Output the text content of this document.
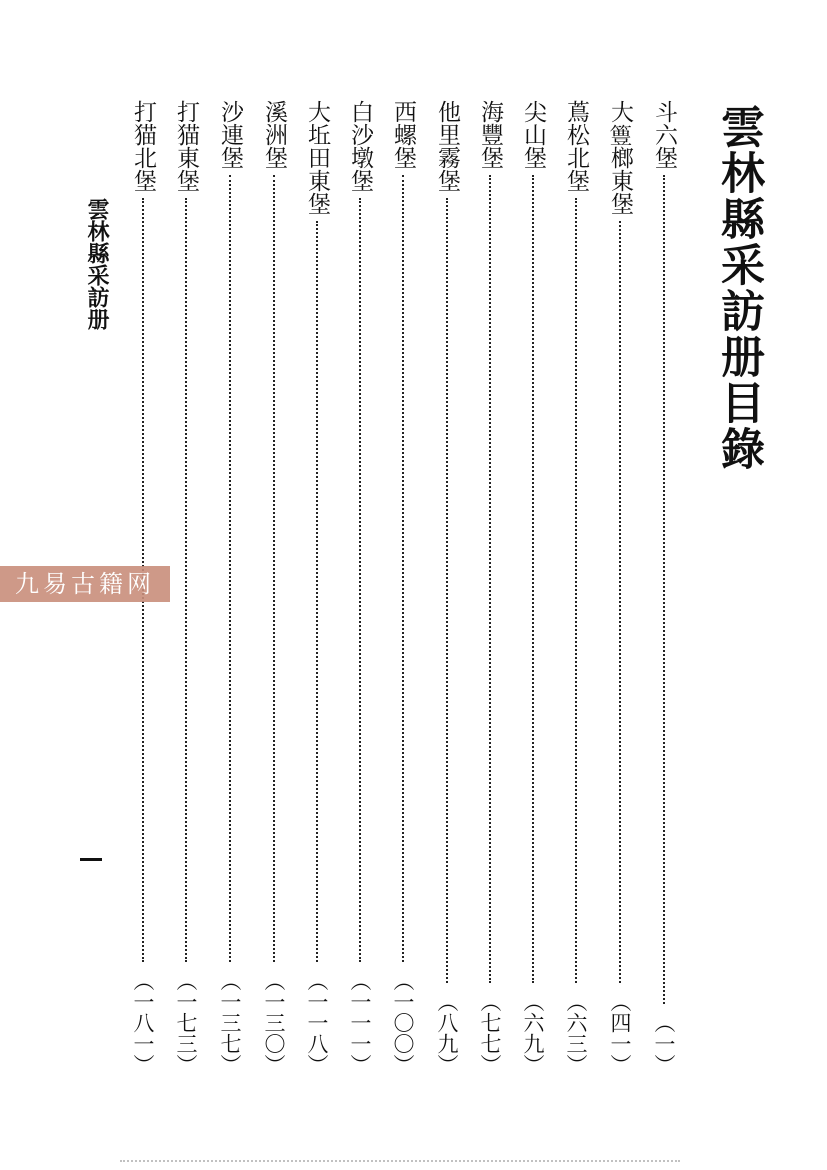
雲林縣采訪册目錄
斗六堡
（一）
大𥴡榔東堡
（四一）
蔦松北堡
（六三）
尖山堡
（六九）
海豐堡
（七七）
他里霧堡
（八九）
西螺堡
（一〇〇）
白沙墩堡
（一一一）
大坵田東堡
（一一八）
溪洲堡
（一三〇）
沙連堡
（一三七）
打猫東堡
（一七三）
打猫北堡
（一八一）
雲林縣采訪册
九易古籍网
